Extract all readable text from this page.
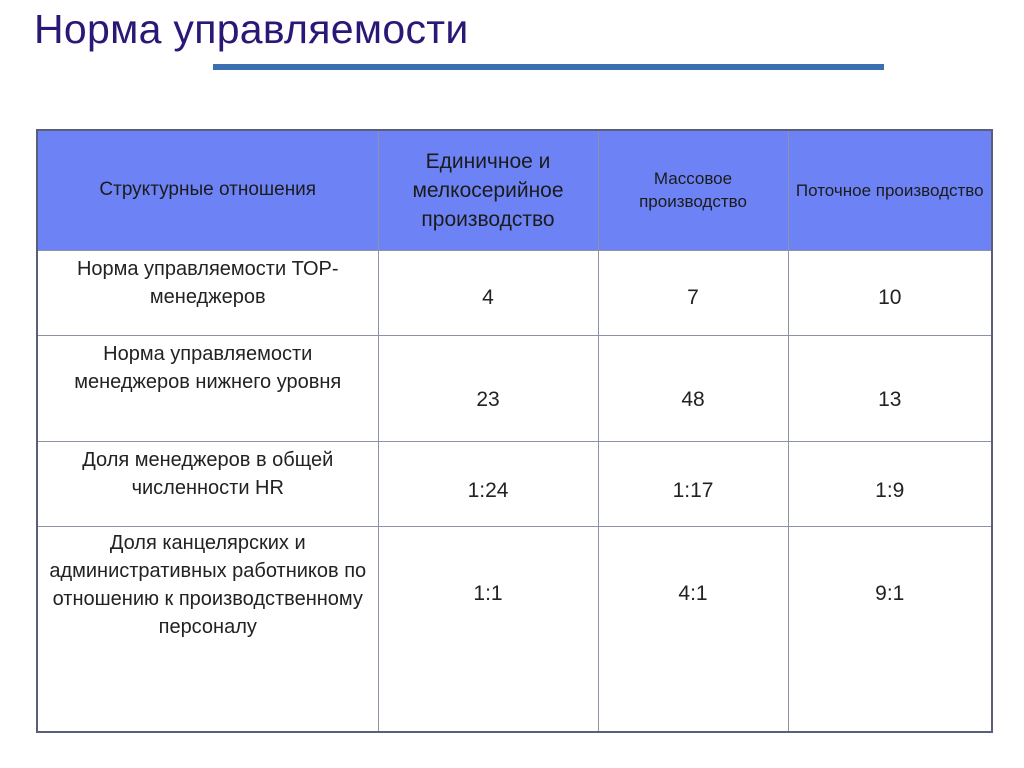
Норма управляемости
Структурные отношения	Единичное и мелкосерийное производство	Массовое производство	Поточное производство
Норма управляемости ТОР-менеджеров	4	7	10
Норма управляемости менеджеров нижнего уровня	23	48	13
Доля менеджеров в общей численности HR	1:24	1:17	1:9
Доля канцелярских и административных работников по отношению к производственному персоналу	1:1	4:1	9:1
